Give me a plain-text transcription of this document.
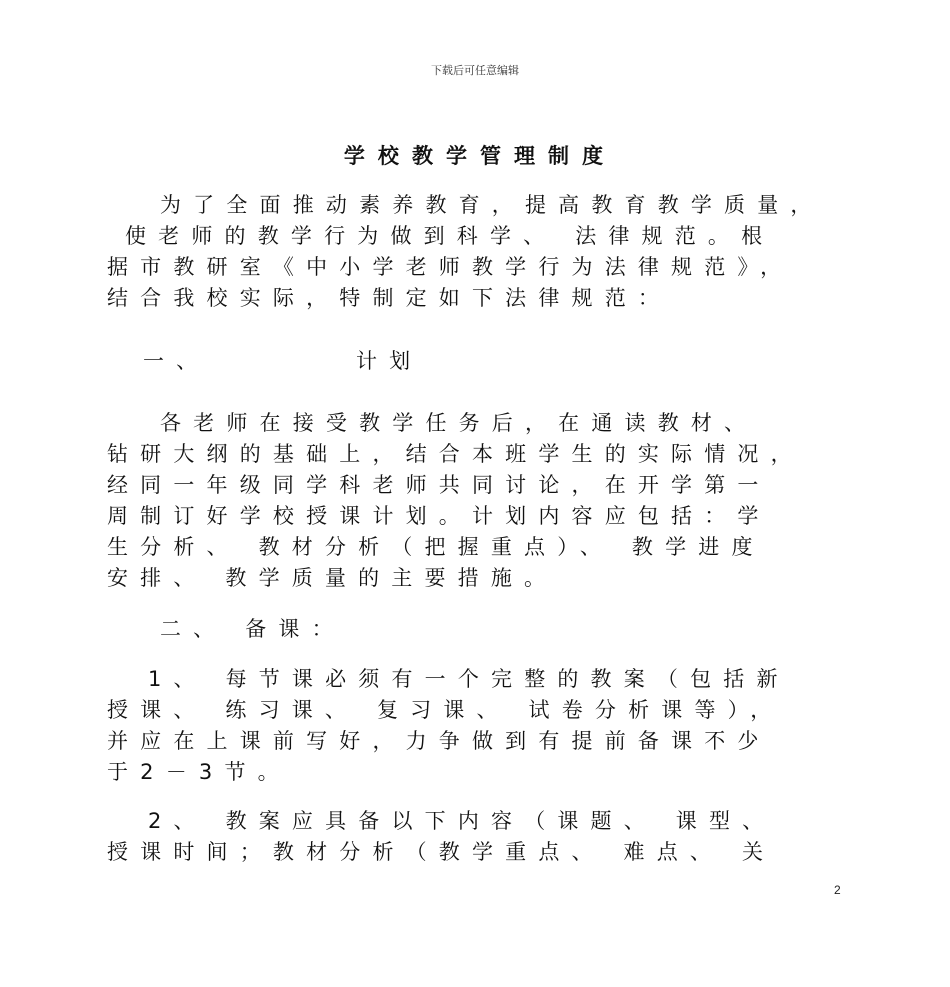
下载后可任意编辑
学校教学管理制度
为了全面推动素养教育，提高教育教学质量，
使老师的教学行为做到科学、 法律规范。根
据市教研室《中小学老师教学行为法律规范》，
结合我校实际，特制定如下法律规范：
一、	计划
各老师在接受教学任务后，在通读教材、
钻研大纲的基础上，结合本班学生的实际情况，
经同一年级同学科老师共同讨论，在开学第一
周制订好学校授课计划。计划内容应包括：学
生分析、 教材分析（把握重点）、 教学进度
安排、 教学质量的主要措施。
二、 备课：
1、 每节课必须有一个完整的教案（包括新
授课、 练习课、 复习课、 试卷分析课等），
并应在上课前写好，力争做到有提前备课不少
于2－3节。
2、 教案应具备以下内容（课题、 课型、
授课时间；教材分析（教学重点、 难点、 关
2
